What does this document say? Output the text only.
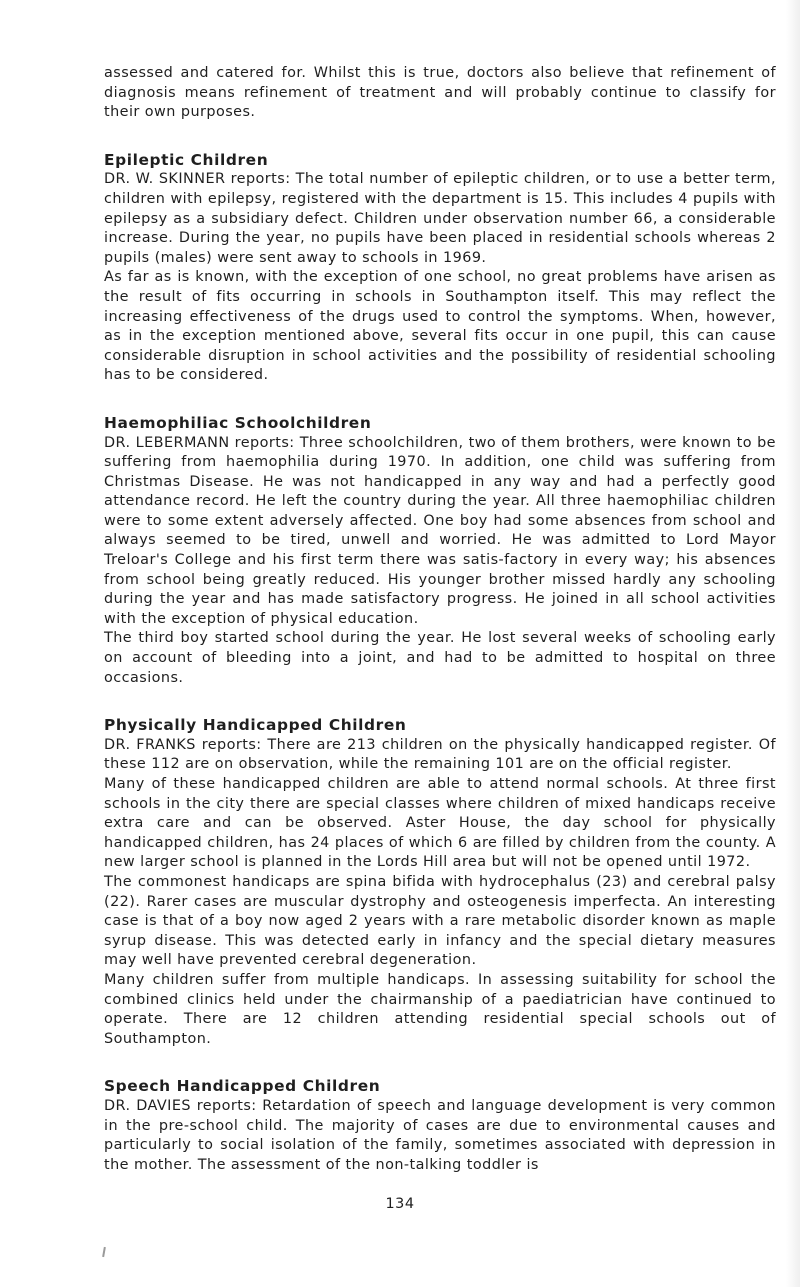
assessed and catered for. Whilst this is true, doctors also believe that refinement of diagnosis means refinement of treatment and will probably continue to classify for their own purposes.

Epileptic Children

DR. W. SKINNER reports: The total number of epileptic children, or to use a better term, children with epilepsy, registered with the department is 15. This includes 4 pupils with epilepsy as a subsidiary defect. Children under observation number 66, a considerable increase. During the year, no pupils have been placed in residential schools whereas 2 pupils (males) were sent away to schools in 1969.

As far as is known, with the exception of one school, no great problems have arisen as the result of fits occurring in schools in Southampton itself. This may reflect the increasing effectiveness of the drugs used to control the symptoms. When, however, as in the exception mentioned above, several fits occur in one pupil, this can cause considerable disruption in school activities and the possibility of residential schooling has to be considered.

Haemophiliac Schoolchildren

DR. LEBERMANN reports: Three schoolchildren, two of them brothers, were known to be suffering from haemophilia during 1970. In addition, one child was suffering from Christmas Disease. He was not handicapped in any way and had a perfectly good attendance record. He left the country during the year. All three haemophiliac children were to some extent adversely affected. One boy had some absences from school and always seemed to be tired, unwell and worried. He was admitted to Lord Mayor Treloar's College and his first term there was satis-factory in every way; his absences from school being greatly reduced. His younger brother missed hardly any schooling during the year and has made satisfactory progress. He joined in all school activities with the exception of physical education.

The third boy started school during the year. He lost several weeks of schooling early on account of bleeding into a joint, and had to be admitted to hospital on three occasions.

Physically Handicapped Children

DR. FRANKS reports: There are 213 children on the physically handicapped register. Of these 112 are on observation, while the remaining 101 are on the official register.

Many of these handicapped children are able to attend normal schools. At three first schools in the city there are special classes where children of mixed handicaps receive extra care and can be observed. Aster House, the day school for physically handicapped children, has 24 places of which 6 are filled by children from the county. A new larger school is planned in the Lords Hill area but will not be opened until 1972.

The commonest handicaps are spina bifida with hydrocephalus (23) and cerebral palsy (22). Rarer cases are muscular dystrophy and osteogenesis imperfecta. An interesting case is that of a boy now aged 2 years with a rare metabolic disorder known as maple syrup disease. This was detected early in infancy and the special dietary measures may well have prevented cerebral degeneration.

Many children suffer from multiple handicaps. In assessing suitability for school the combined clinics held under the chairmanship of a paediatrician have continued to operate. There are 12 children attending residential special schools out of Southampton.

Speech Handicapped Children

DR. DAVIES reports: Retardation of speech and language development is very common in the pre-school child. The majority of cases are due to environmental causes and particularly to social isolation of the family, sometimes associated with depression in the mother. The assessment of the non-talking toddler is

134
